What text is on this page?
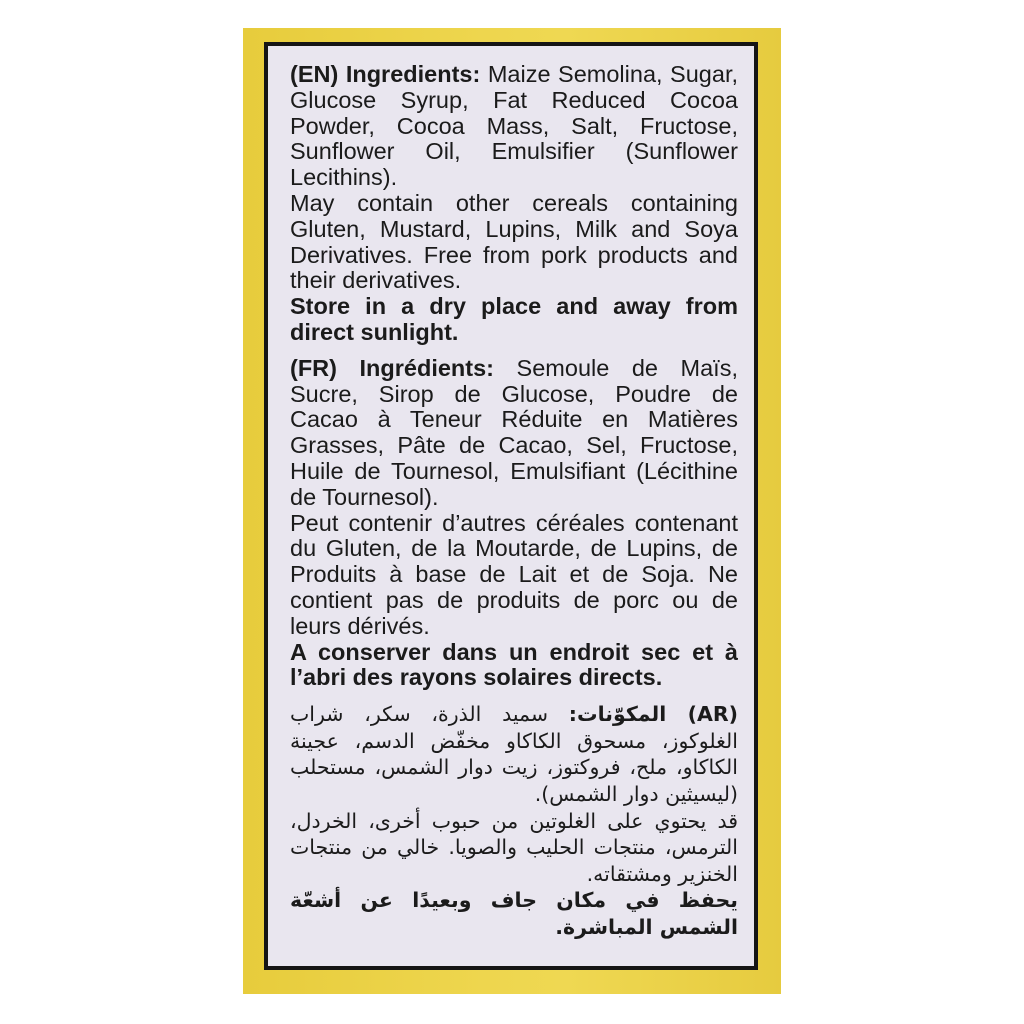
(EN) Ingredients: Maize Semolina, Sugar, Glucose Syrup, Fat Reduced Cocoa Powder, Cocoa Mass, Salt, Fructose, Sunflower Oil, Emulsifier (Sunflower Lecithins).

May contain other cereals containing Gluten, Mustard, Lupins, Milk and Soya Derivatives. Free from pork products and their derivatives.

Store in a dry place and away from direct sunlight.

(FR) Ingrédients: Semoule de Maïs, Sucre, Sirop de Glucose, Poudre de Cacao à Teneur Réduite en Matières Grasses, Pâte de Cacao, Sel, Fructose, Huile de Tournesol, Emulsifiant (Lécithine de Tournesol).

Peut contenir d’autres céréales contenant du Gluten, de la Moutarde, de Lupins, de Produits à base de Lait et de Soja. Ne contient pas de produits de porc ou de leurs dérivés.

A conserver dans un endroit sec et à l’abri des rayons solaires directs.

(AR) المكوّنات: سميد الذرة، سكر، شراب الغلوكوز، مسحوق الكاكاو مخفّض الدسم، عجينة الكاكاو، ملح، فروكتوز، زيت دوار الشمس، مستحلب (ليسيثين دوار الشمس).

قد يحتوي على الغلوتين من حبوب أخرى، الخردل، الترمس، منتجات الحليب والصويا. خالي من منتجات الخنزير ومشتقاته.

يحفظ في مكان جاف وبعيدًا عن أشعّة الشمس المباشرة.
